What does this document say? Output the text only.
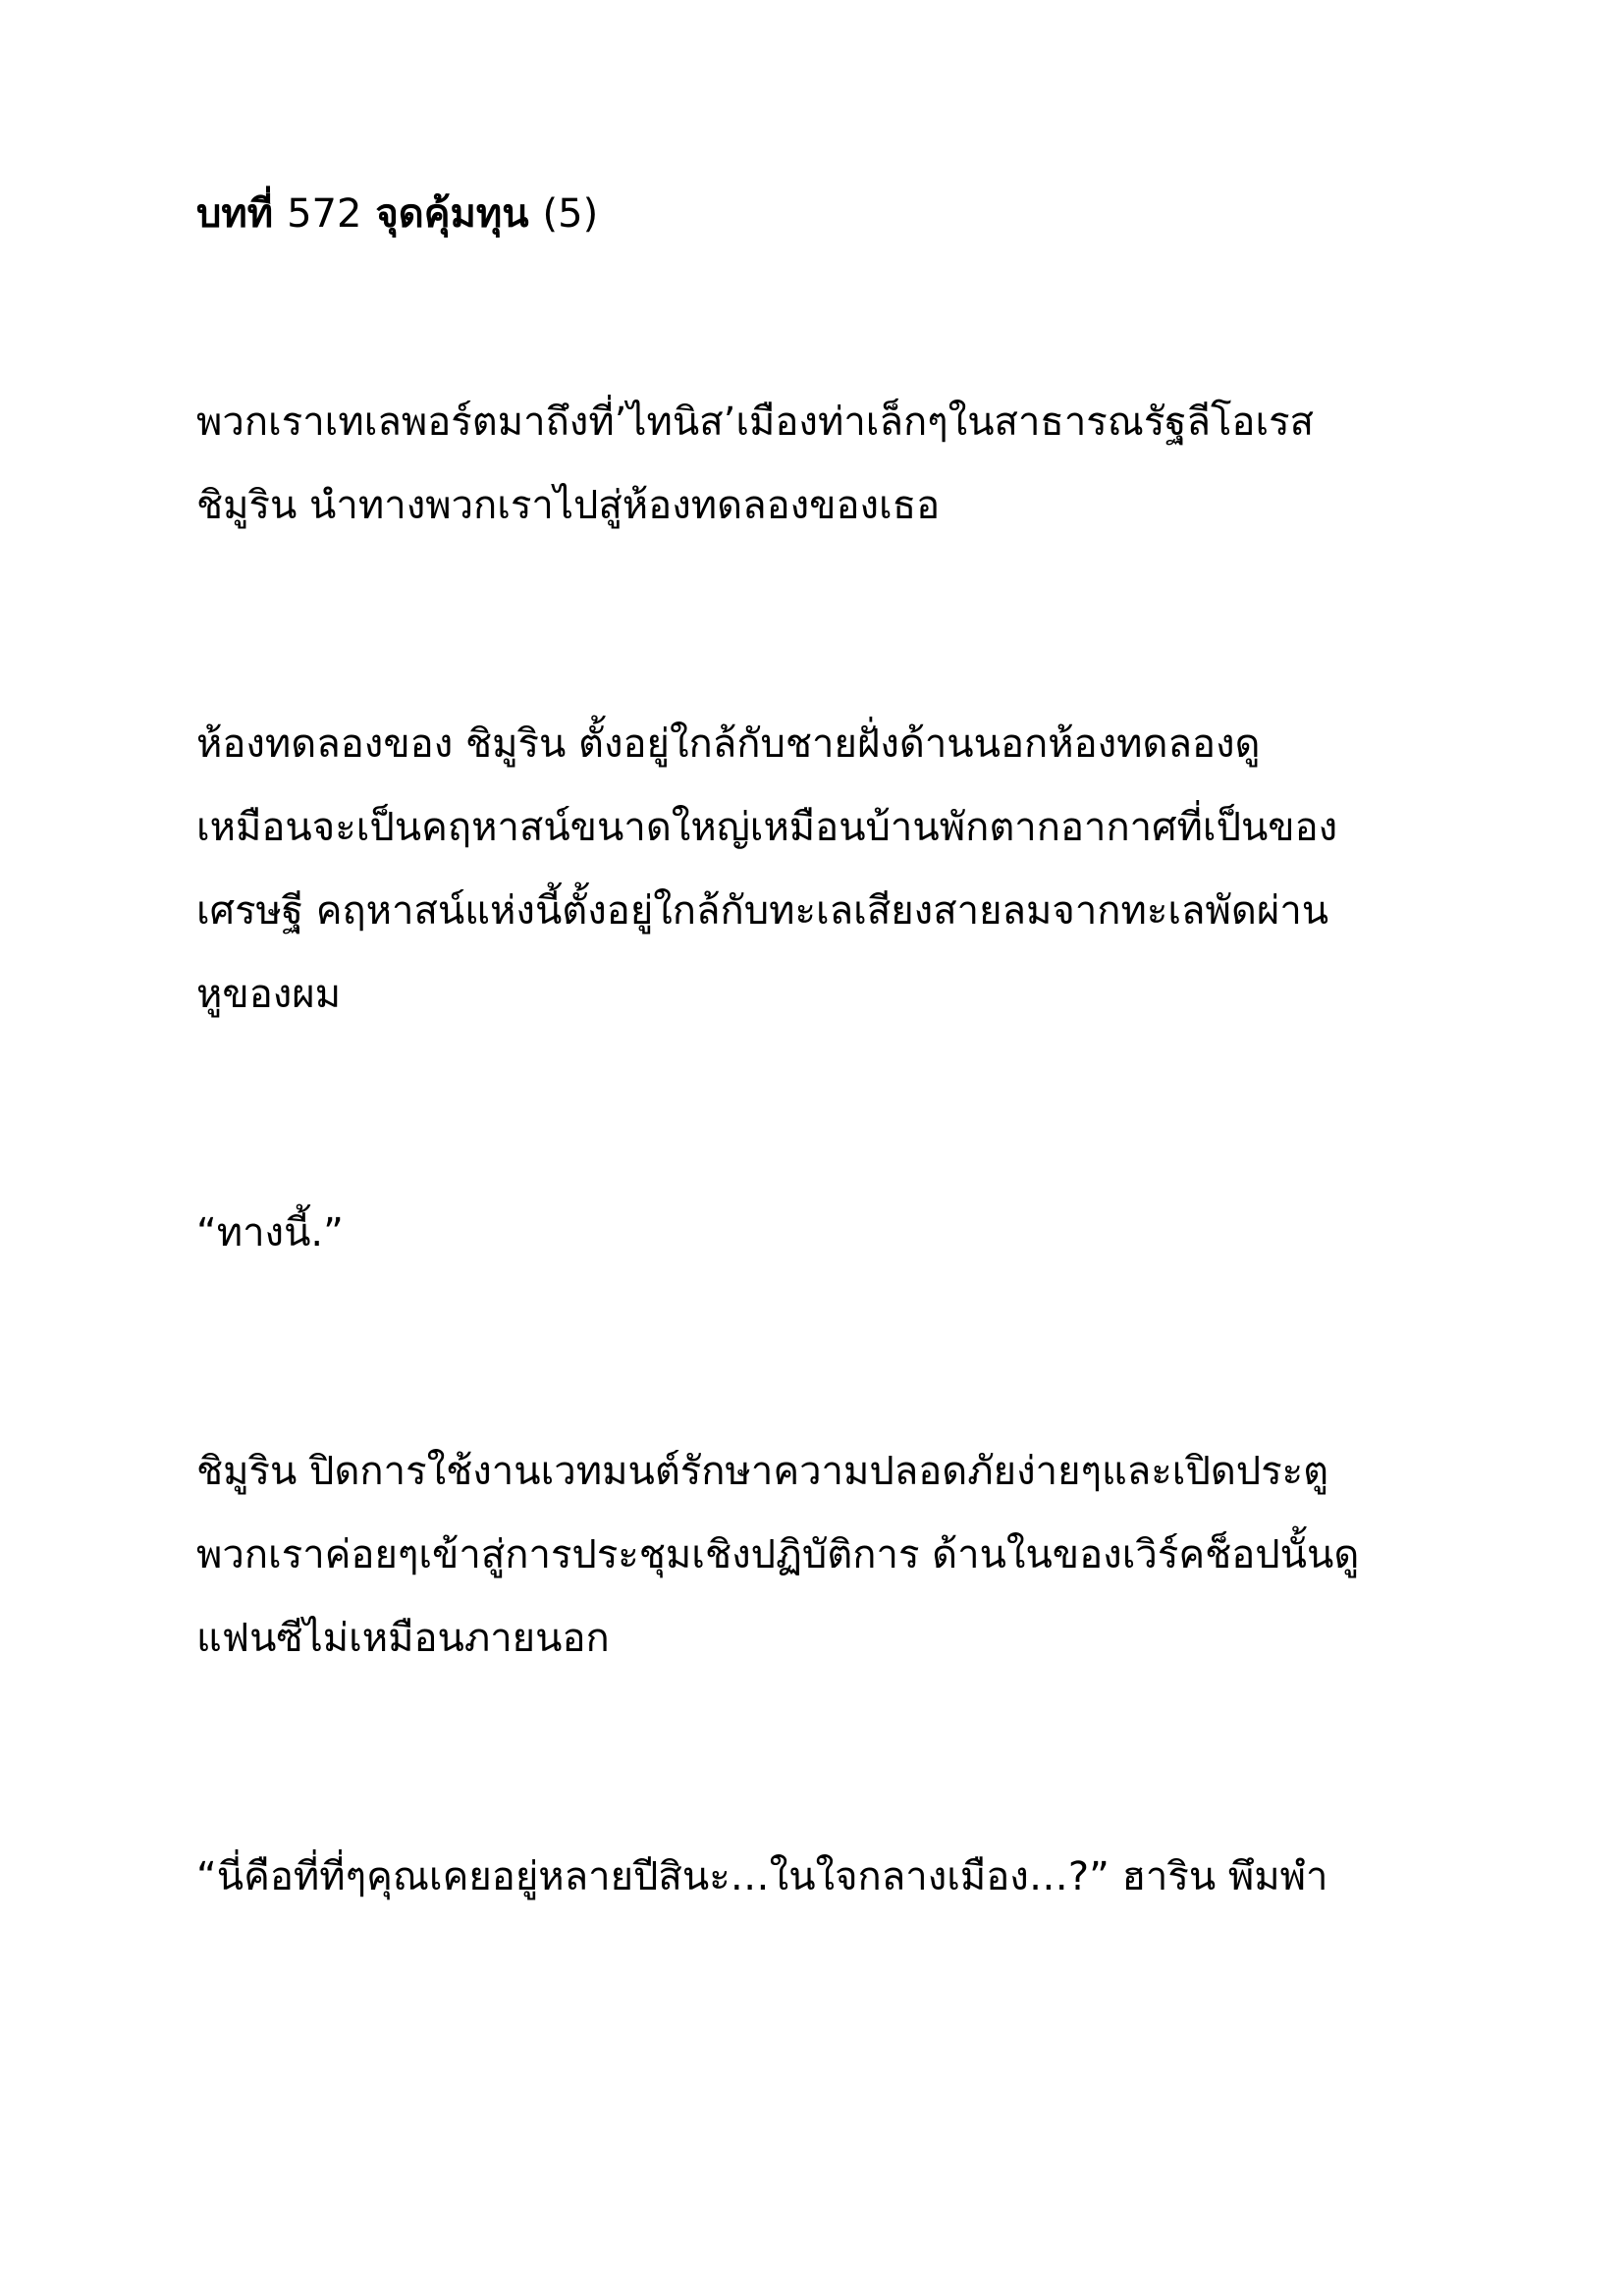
บทที่ 572 จุดคุ้มทุน (5)

พวกเราเทเลพอร์ตมาถึงที่’ไทนิส’เมืองท่าเล็กๆในสาธารณรัฐลีโอเรส
ชิมูริน นำทางพวกเราไปสู่ห้องทดลองของเธอ

ห้องทดลองของ ชิมูริน ตั้งอยู่ใกล้กับชายฝั่งด้านนอกห้องทดลองดู
เหมือนจะเป็นคฤหาสน์ขนาดใหญ่เหมือนบ้านพักตากอากาศที่เป็นของ
เศรษฐี คฤหาสน์แห่งนี้ตั้งอยู่ใกล้กับทะเลเสียงสายลมจากทะเลพัดผ่าน
หูของผม

“ทางนี้.”

ชิมูริน ปิดการใช้งานเวทมนต์รักษาความปลอดภัยง่ายๆและเปิดประตู
พวกเราค่อยๆเข้าสู่การประชุมเชิงปฏิบัติการ ด้านในของเวิร์คช็อปนั้นดู
แฟนซีไม่เหมือนภายนอก

“นี่คือที่ที่ๆคุณเคยอยู่หลายปีสินะ…ในใจกลางเมือง…?” ฮาริน พึมพำ
